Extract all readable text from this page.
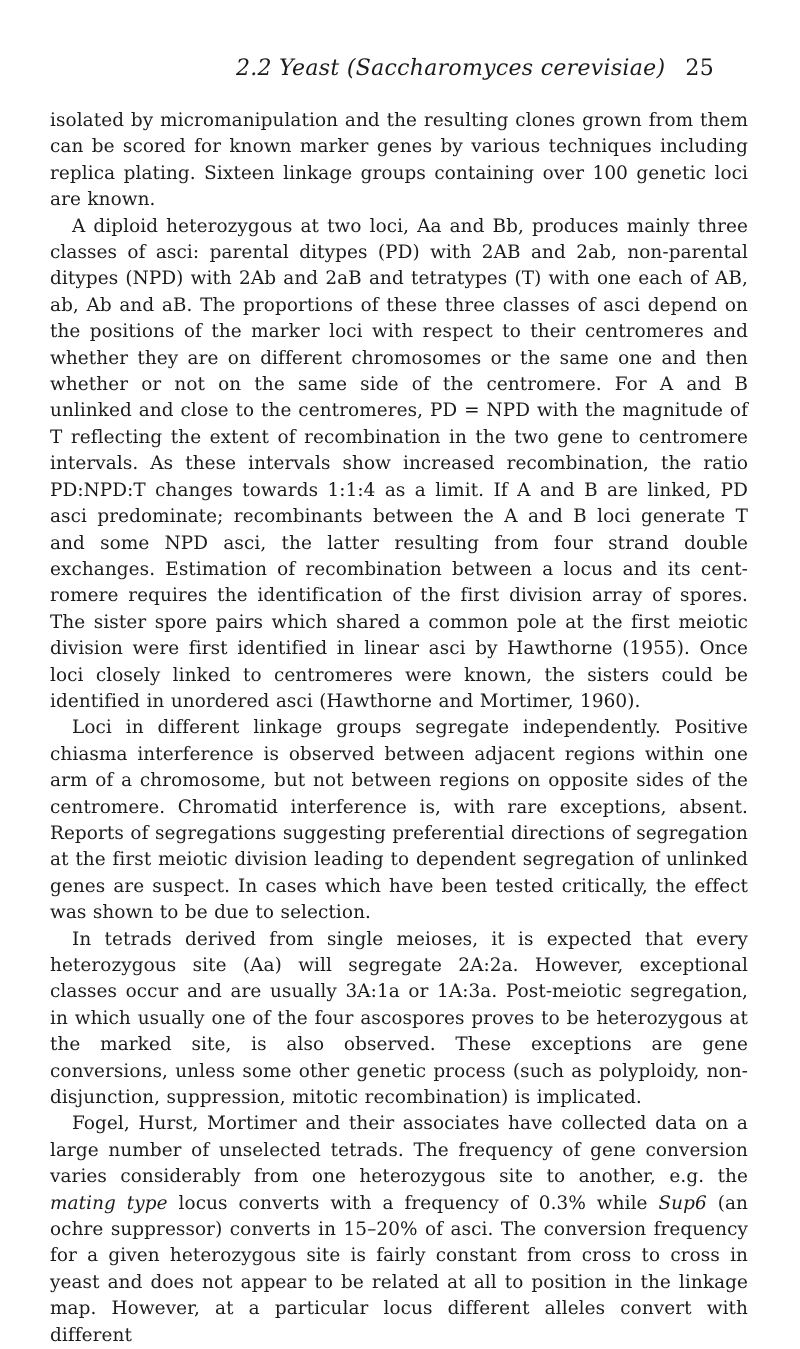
2.2 Yeast (Saccharomyces cerevisiae) 25

isolated by micromanipulation and the resulting clones grown from them can be scored for known marker genes by various techniques including replica plating. Sixteen linkage groups containing over 100 genetic loci are known.

A diploid heterozygous at two loci, Aa and Bb, produces mainly three classes of asci: parental ditypes (PD) with 2AB and 2ab, non-parental ditypes (NPD) with 2Ab and 2aB and tetratypes (T) with one each of AB, ab, Ab and aB. The proportions of these three classes of asci depend on the positions of the marker loci with respect to their centromeres and whether they are on different chromosomes or the same one and then whether or not on the same side of the centromere. For A and B unlinked and close to the centromeres, PD = NPD with the magnitude of T reflecting the extent of recombination in the two gene to centromere intervals. As these intervals show increased recombination, the ratio PD:NPD:T changes towards 1:1:4 as a limit. If A and B are linked, PD asci predominate; recombinants between the A and B loci generate T and some NPD asci, the latter resulting from four strand double exchanges. Estimation of recombination between a locus and its cent-romere requires the identification of the first division array of spores. The sister spore pairs which shared a common pole at the first meiotic division were first identified in linear asci by Hawthorne (1955). Once loci closely linked to centromeres were known, the sisters could be identified in unordered asci (Hawthorne and Mortimer, 1960).

Loci in different linkage groups segregate independently. Positive chiasma interference is observed between adjacent regions within one arm of a chromosome, but not between regions on opposite sides of the centromere. Chromatid interference is, with rare exceptions, absent. Reports of segregations suggesting preferential directions of segregation at the first meiotic division leading to dependent segregation of unlinked genes are suspect. In cases which have been tested critically, the effect was shown to be due to selection.

In tetrads derived from single meioses, it is expected that every heterozygous site (Aa) will segregate 2A:2a. However, exceptional classes occur and are usually 3A:1a or 1A:3a. Post-meiotic segregation, in which usually one of the four ascospores proves to be heterozygous at the marked site, is also observed. These exceptions are gene conversions, unless some other genetic process (such as polyploidy, non-disjunction, suppression, mitotic recombination) is implicated.

Fogel, Hurst, Mortimer and their associates have collected data on a large number of unselected tetrads. The frequency of gene conversion varies considerably from one heterozygous site to another, e.g. the mating type locus converts with a frequency of 0.3% while Sup6 (an ochre suppressor) converts in 15–20% of asci. The conversion frequency for a given heterozygous site is fairly constant from cross to cross in yeast and does not appear to be related at all to position in the linkage map. However, at a particular locus different alleles convert with different
